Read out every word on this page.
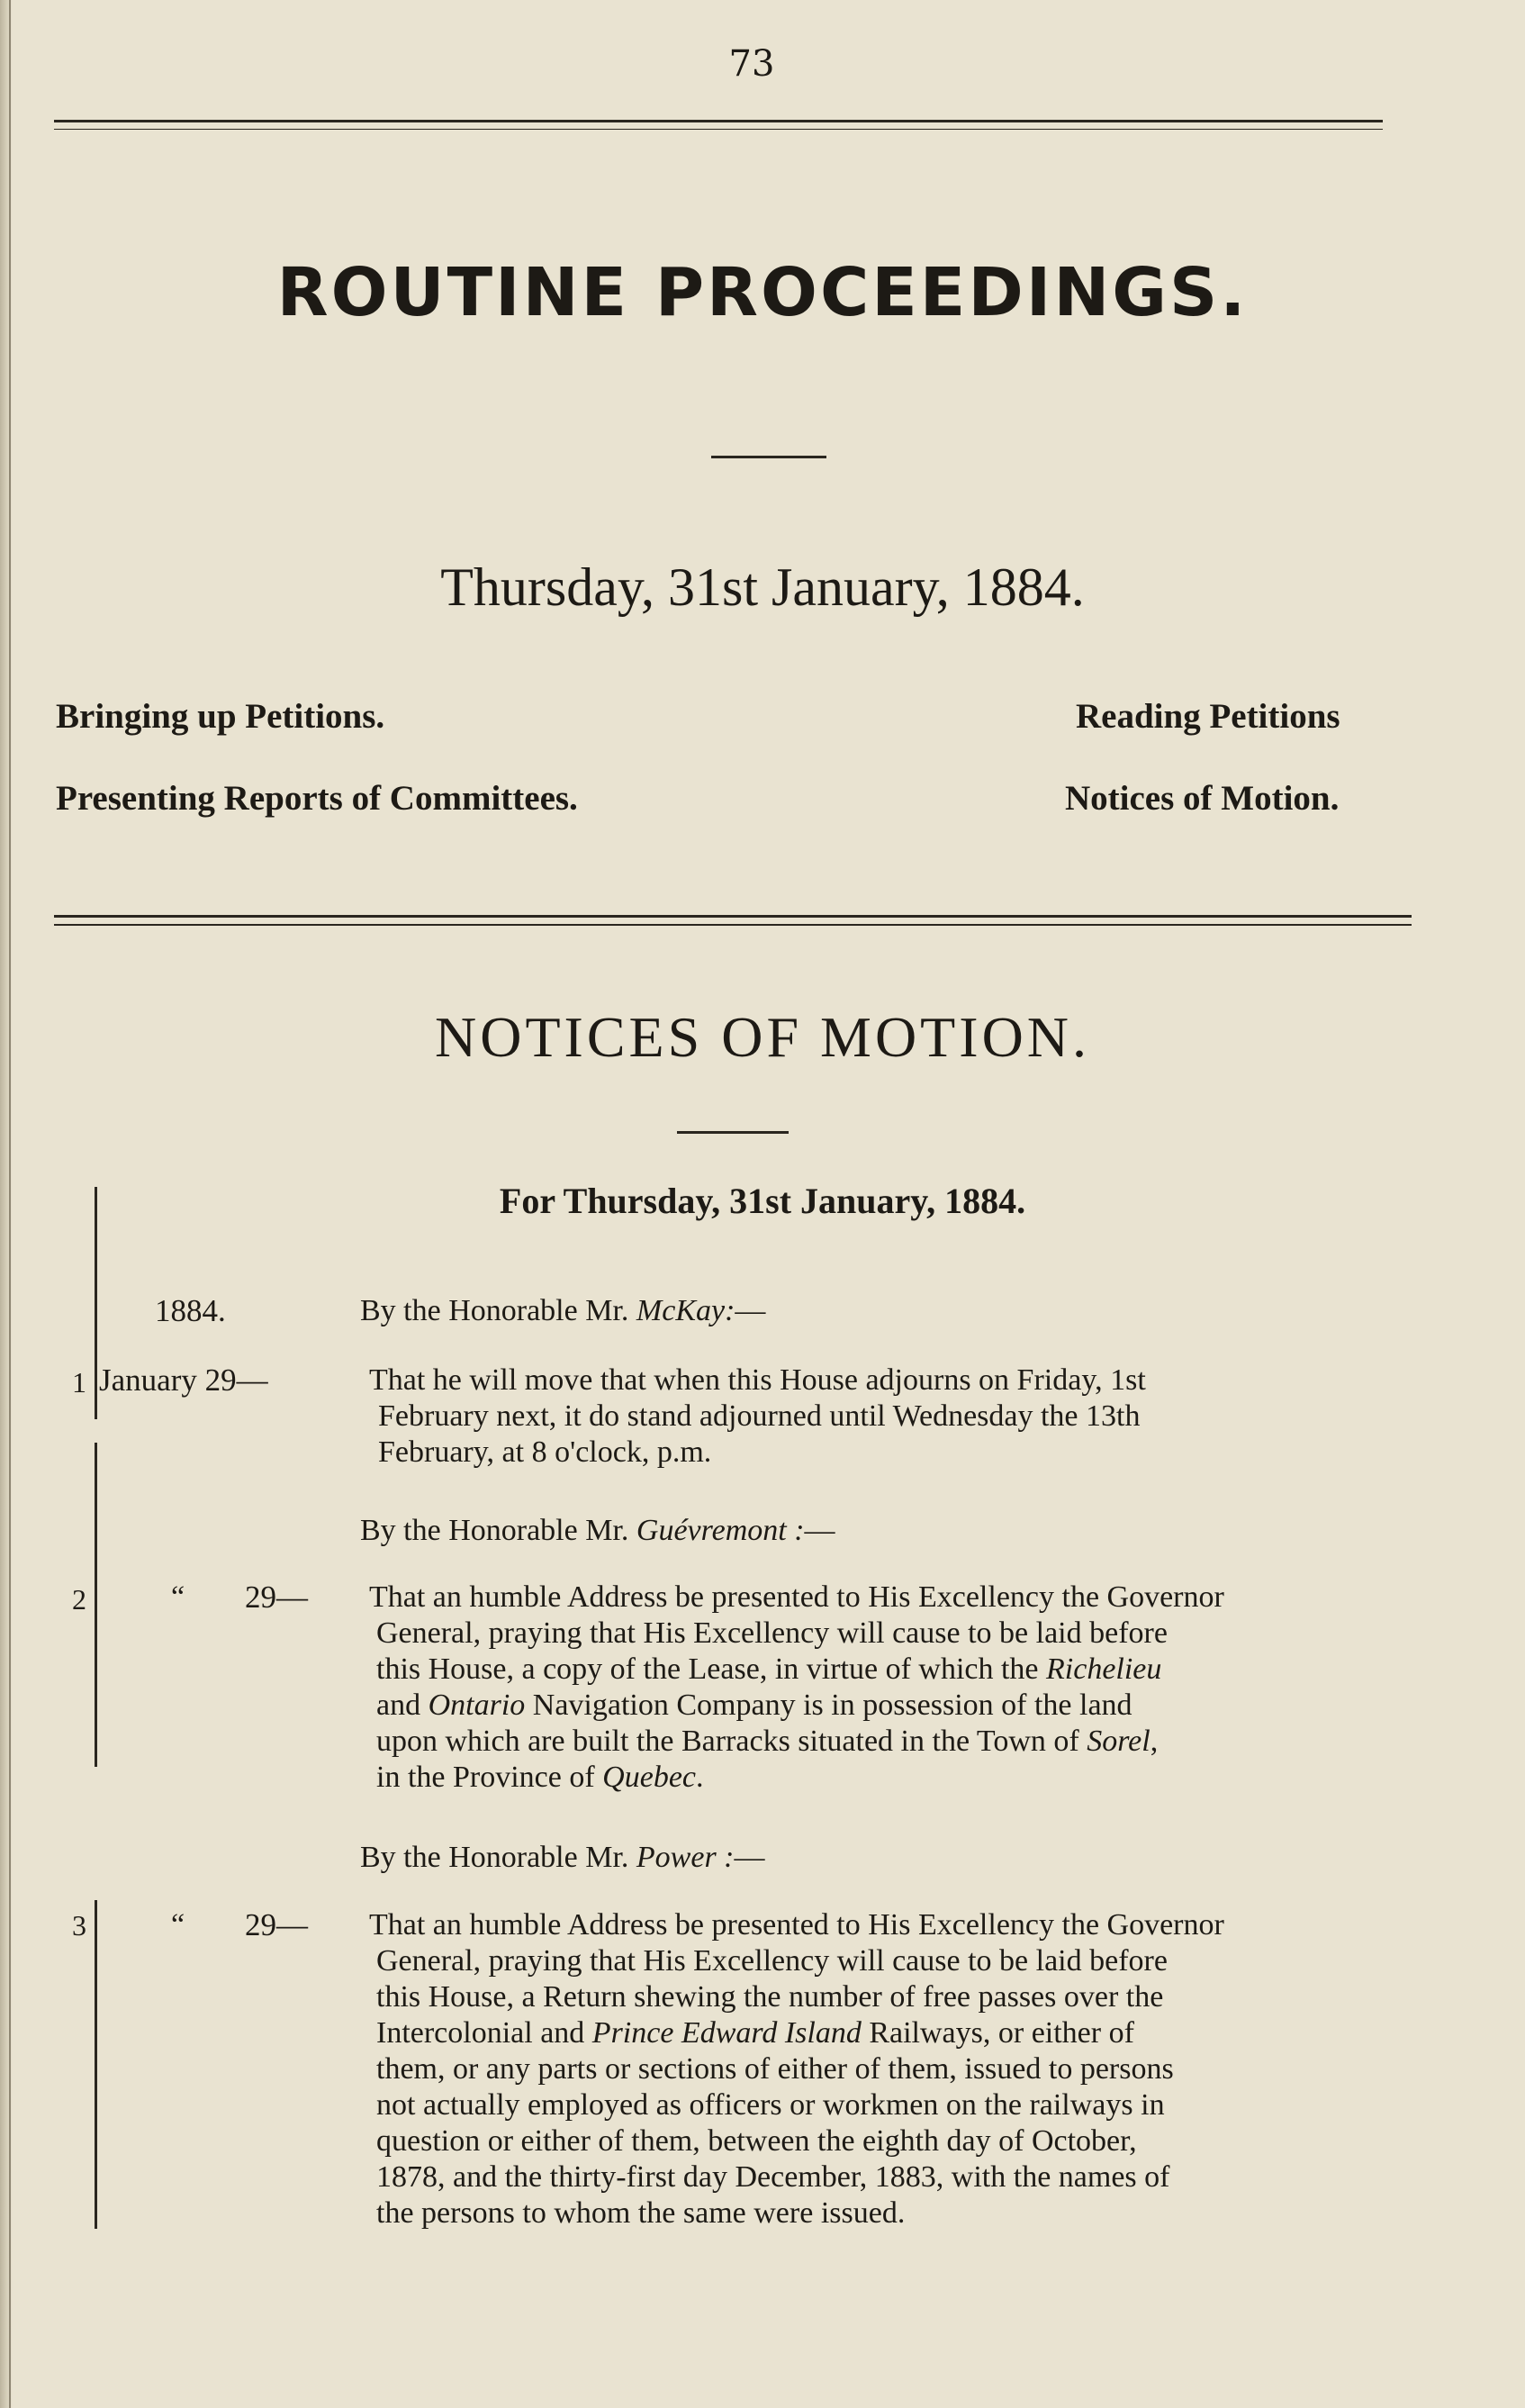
73
ROUTINE PROCEEDINGS.
Thursday, 31st January, 1884.
Bringing up Petitions.	Reading Petitions
Presenting Reports of Committees.	Notices of Motion.
NOTICES OF MOTION.
For Thursday, 31st January, 1884.
1884.	By the Honorable Mr. McKay:—
1 January 29—	That he will move that when this House adjourns on Friday, 1st
February next, it do stand adjourned until Wednesday the 13th
February, at 8 o'clock, p.m.
By the Honorable Mr. Guévremont :—
2	“ 29— That an humble Address be presented to His Excellency the Governor
General, praying that His Excellency will cause to be laid before
this House, a copy of the Lease, in virtue of which the Richelieu
and Ontario Navigation Company is in possession of the land
upon which are built the Barracks situated in the Town of Sorel,
in the Province of Quebec.
By the Honorable Mr. Power :—
3	“ 29— That an humble Address be presented to His Excellency the Governor
General, praying that His Excellency will cause to be laid before
this House, a Return shewing the number of free passes over the
Intercolonial and Prince Edward Island Railways, or either of
them, or any parts or sections of either of them, issued to persons
not actually employed as officers or workmen on the railways in
question or either of them, between the eighth day of October,
1878, and the thirty-first day December, 1883, with the names of
the persons to whom the same were issued.
